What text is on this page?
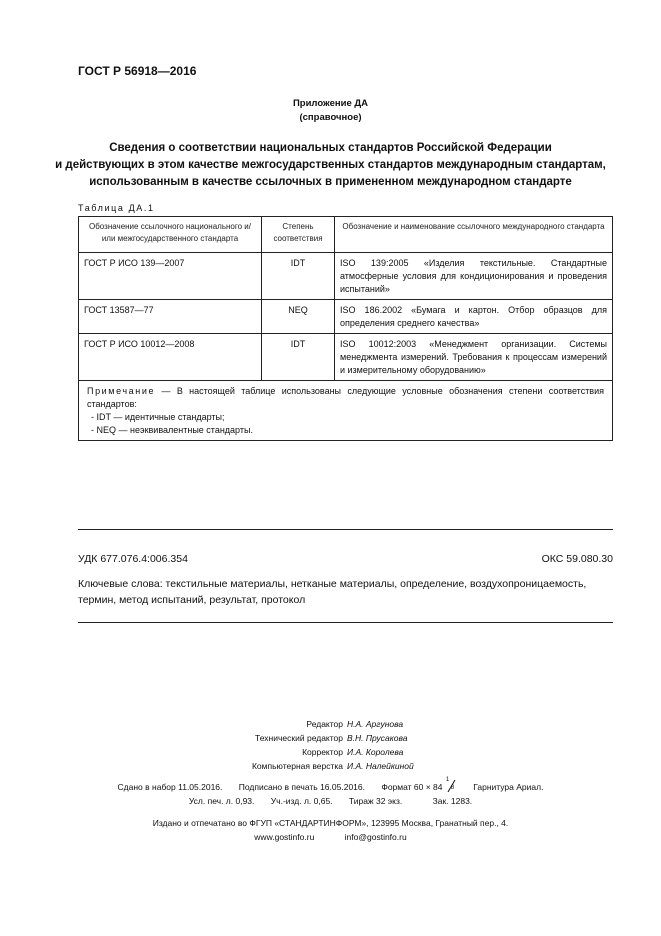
ГОСТ Р 56918—2016
Приложение ДА
(справочное)
Сведения о соответствии национальных стандартов Российской Федерации
и действующих в этом качестве межгосударственных стандартов международным стандартам,
использованным в качестве ссылочных в примененном международном стандарте
Таблица ДА.1
Обозначение ссылочного национального и/или межгосударственного стандарта	Степень соответствия	Обозначение и наименование ссылочного международного стандарта
ГОСТ Р ИСО 139—2007	IDT	ISO 139:2005 «Изделия текстильные. Стандартные атмосферные условия для кондиционирования и проведения испытаний»
ГОСТ 13587—77	NEQ	ISO 186.2002 «Бумага и картон. Отбор образцов для определения среднего качества»
ГОСТ Р ИСО 10012—2008	IDT	ISO 10012:2003 «Менеджмент организации. Системы менеджмента измерений. Требования к процессам измерений и измерительному оборудованию»
Примечание — В настоящей таблице использованы следующие условные обозначения степени соответствия стандартов:
- IDT — идентичные стандарты;
- NEQ — неэквивалентные стандарты.		
УДК 677.076.4:006.354	ОКС 59.080.30
Ключевые слова: текстильные материалы, нетканые материалы, определение, воздухопроницаемость, термин, метод испытаний, результат, протокол
Редактор Н.А. Аргунова
Технический редактор В.Н. Прусакова
Корректор И.А. Королева
Компьютерная верстка И.А. Налейкиной
Сдано в набор 11.05.2016. Подписано в печать 16.05.2016. Формат 60 × 84
1
8 Гарнитура Ариал.
Усл. печ. л. 0,93. Уч.-изд. л. 0,65. Тираж 32 экз.	Зак. 1283.
Издано и отпечатано во ФГУП «СТАНДАРТИНФОРМ», 123995 Москва, Гранатный пер., 4.
www.gostinfo.ru	info@gostinfo.ru
